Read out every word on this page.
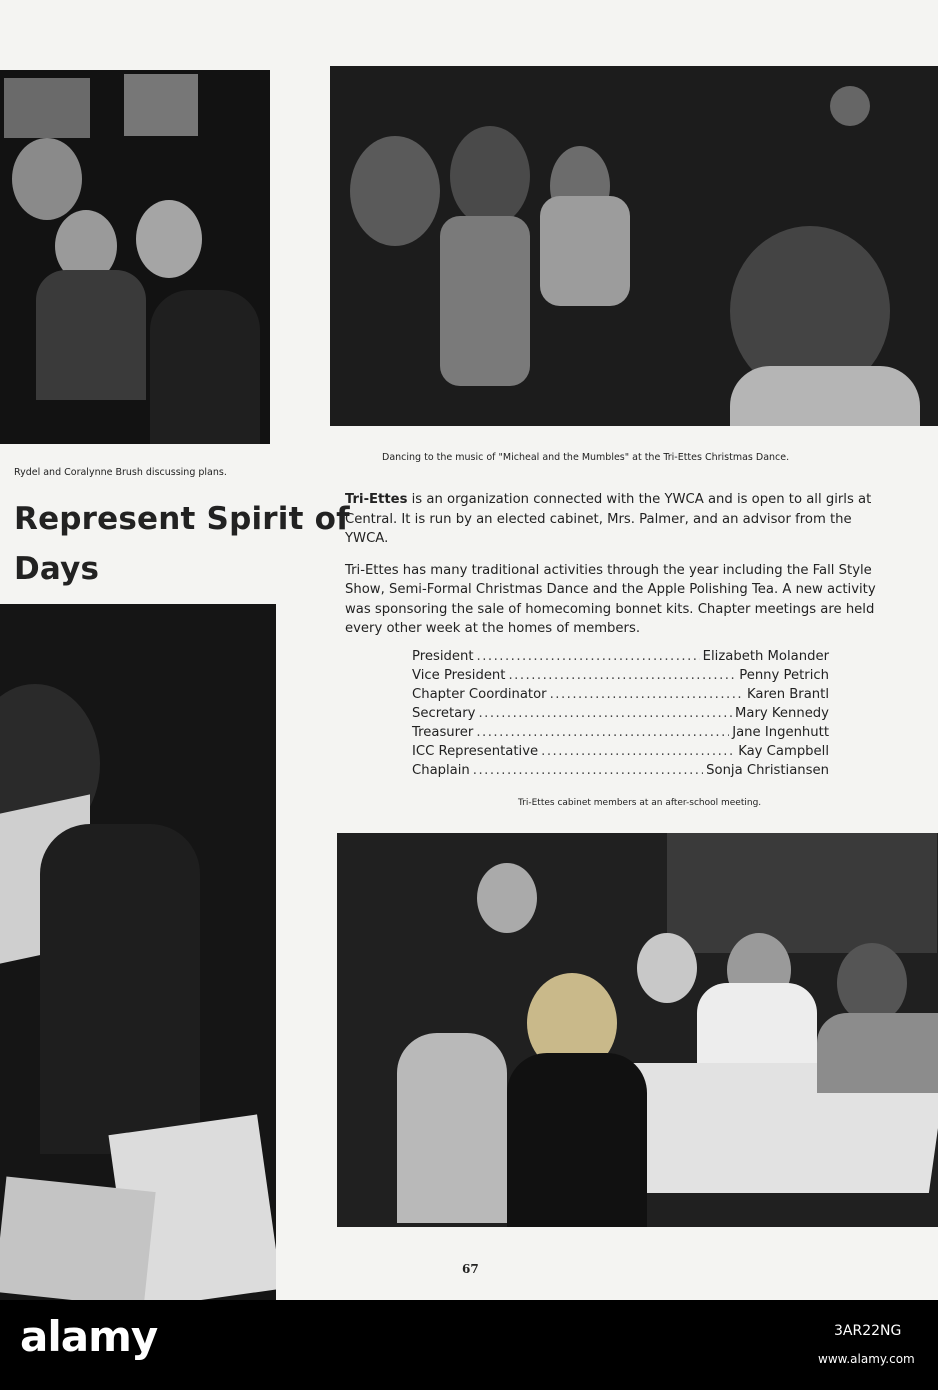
Rydel and Coralynne Brush discussing plans.
Dancing to the music of "Micheal and the Mumbles" at the Tri-Ettes Christmas Dance.
Represent Spirit of
Days

Tri-Ettes is an organization connected with the YWCA and is open to all girls at Central. It is run by an elected cabinet, Mrs. Palmer, and an advisor from the YWCA.

Tri-Ettes has many traditional activities through the year including the Fall Style Show, Semi-Formal Christmas Dance and the Apple Polishing Tea. A new activity was sponsoring the sale of homecoming bonnet kits. Chapter meetings are held every other week at the homes of members.

President .....	Elizabeth Molander
Vice President .....	Penny Petrich
Chapter Coordinator .....	Karen Brantl
Secretary .....	Mary Kennedy
Treasurer .....	Jane Ingenhutt
ICC Representative .....	Kay Campbell
Chaplain .....	Sonja Christiansen
Tri-Ettes cabinet members at an after-school meeting.
67
alamy	3AR22NG
www.alamy.com
